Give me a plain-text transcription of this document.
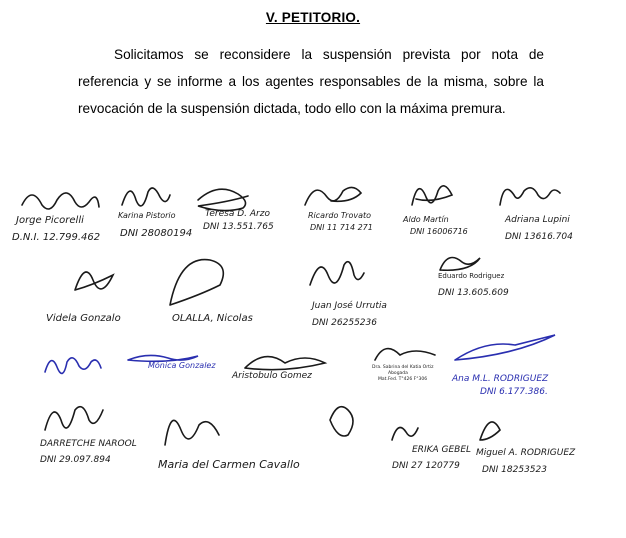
V. PETITORIO.
Solicitamos se reconsidere la suspensión prevista por nota de referencia y se informe a los agentes responsables de la misma, sobre la revocación de la suspensión dictada, todo ello con la máxima premura.
Jorge Picorelli
D.N.I. 12.799.462
Karina Pistorio
DNI 28080194
Teresa D. Arzo
DNI 13.551.765
Ricardo Trovato
DNI 11 714 271
Aldo Martín
DNI 16006716
Adriana Lupini
DNI 13616.704
Eduardo Rodriguez
DNI 13.605.609
Videla Gonzalo	OLALLA, Nicolas
Juan José Urrutia
DNI 26255236
Mónica Gonzalez
Aristobulo Gomez
Dra. Sabrina del Katia Ortiz
Abogada
Mat.Fed. T°426 F°306	Ana M.L. RODRIGUEZ
DNI 6.177.386.
DARRETCHE NAROOL
DNI 29.097.894	Maria del Carmen Cavallo
ERIKA GEBEL
DNI 27 120779
Miguel A. RODRIGUEZ
DNI 18253523
